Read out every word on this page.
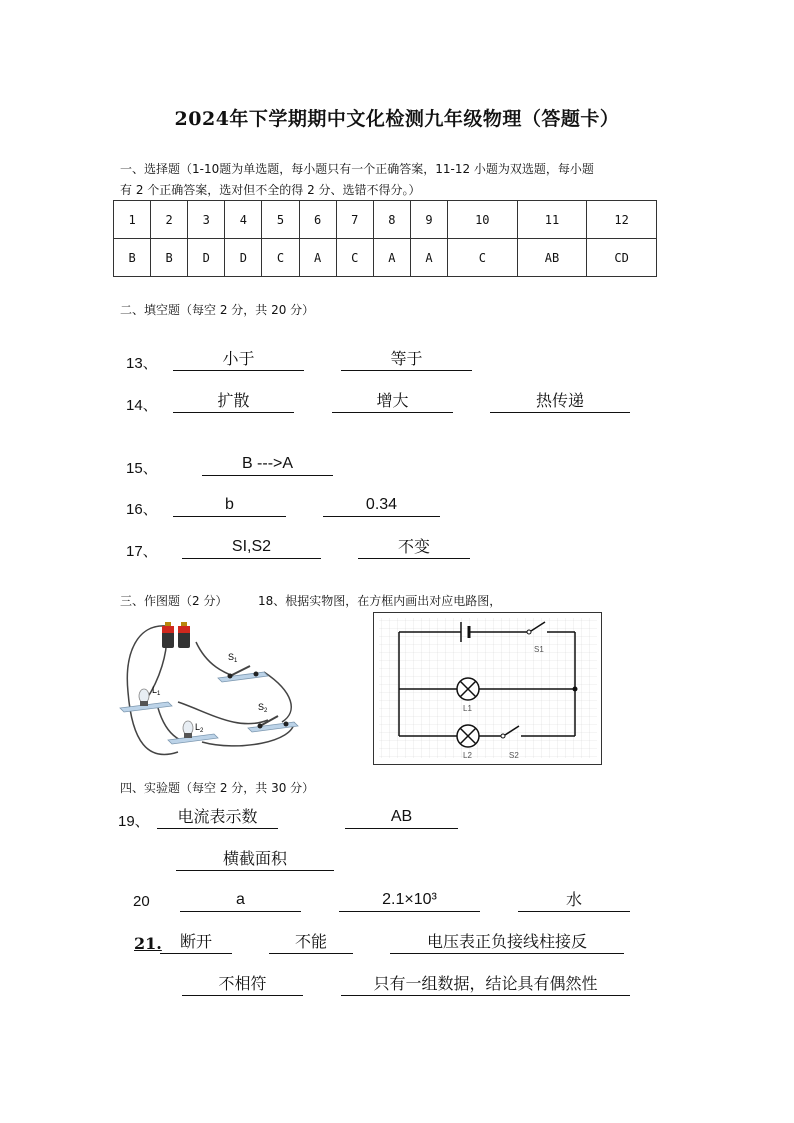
2024年下学期期中文化检测九年级物理（答题卡）
一、选择题（1-10题为单选题，每小题只有一个正确答案，11-12 小题为双选题，每小题
有 2 个正确答案，选对但不全的得 2 分、选错不得分。）
1	2	3	4	5	6	7	8	9	10	11	12
B	B	D	D	C	A	C	A	A	C	AB	CD
二、填空题（每空 2 分，共 20 分）
13、	小于	等于
14、	扩散	增大	热传递
15、	B --->A
16、	b	0.34
17、	SI,S2	不变
三、作图题（2 分）	18、根据实物图，在方框内画出对应电路图，
$S_1$
$L_1$
$L_2$
$S_2$
S1
L1
L2	S2
四、实验题（每空 2 分，共 30 分）
19、	电流表示数	AB
横截面积
20	a	2.1×10³	水
21.	断开	不能	电压表正负接线柱接反
不相符	只有一组数据，结论具有偶然性
